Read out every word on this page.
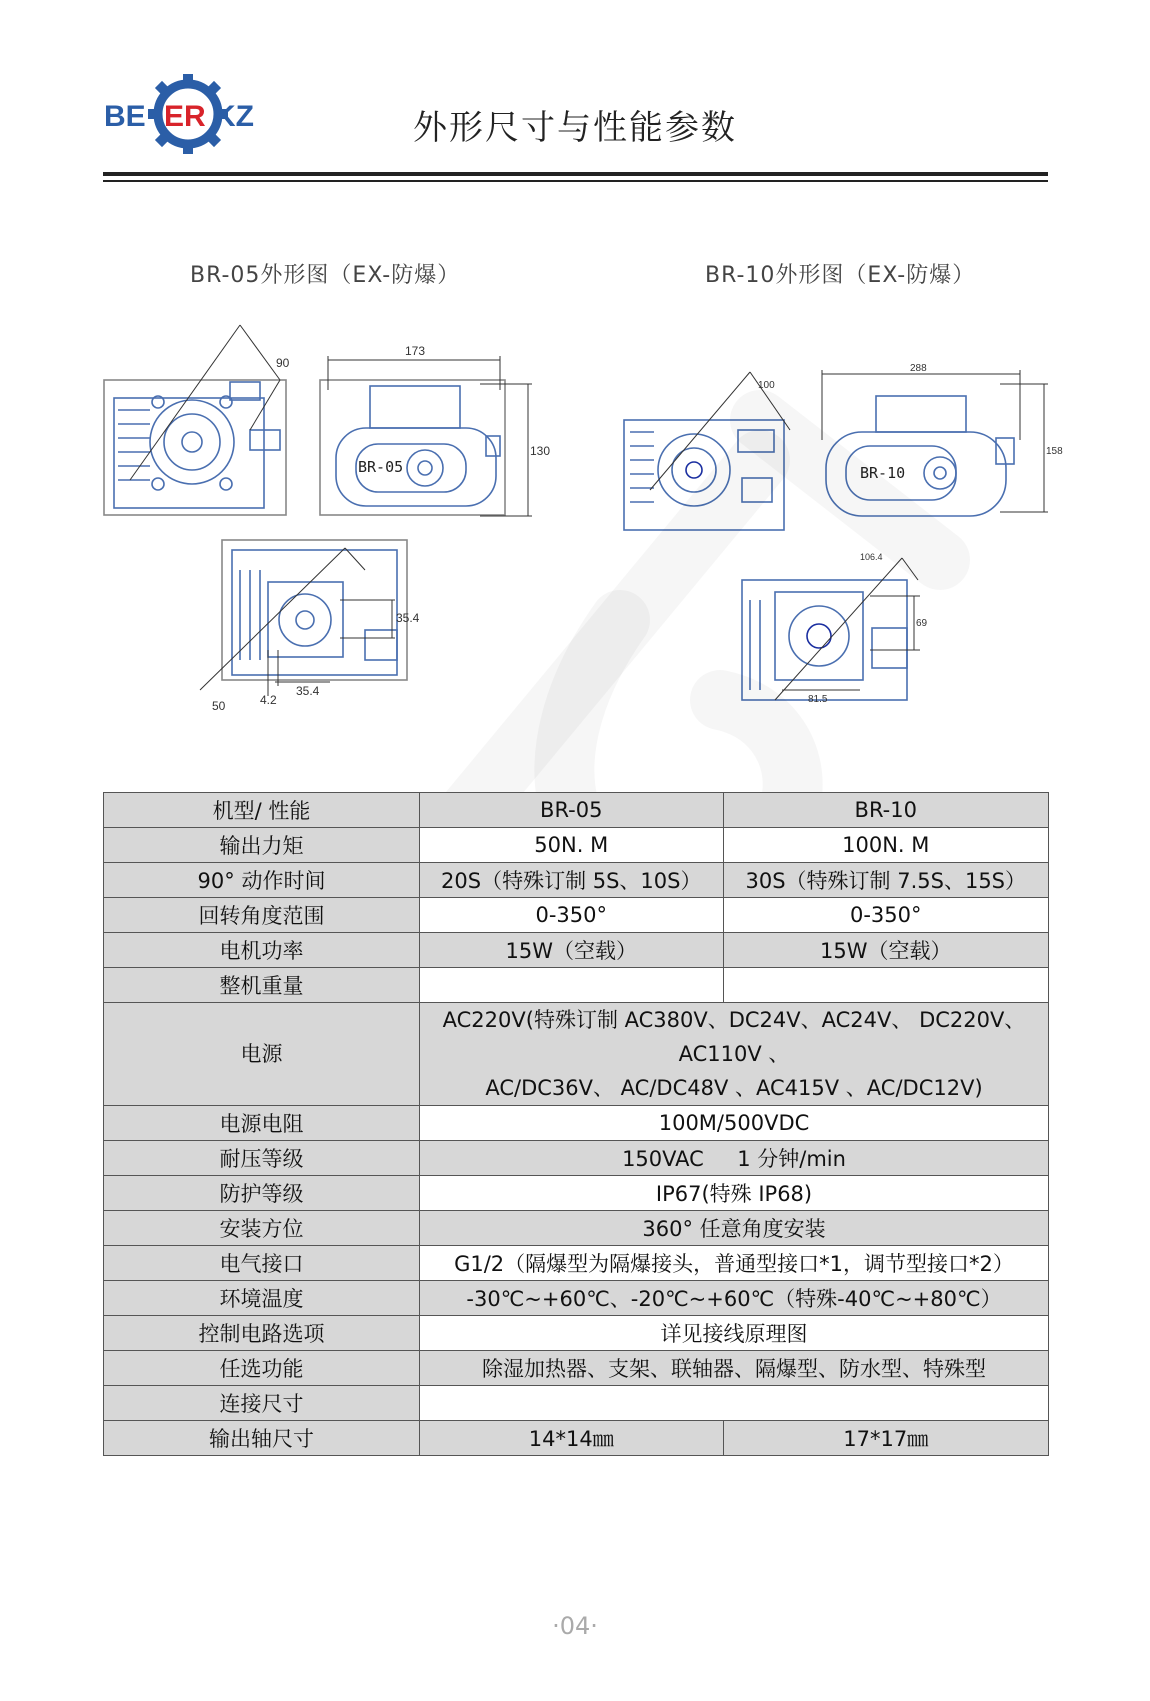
BE ER KZ	外形尺寸与性能参数
BR-05外形图（EX-防爆）	BR-10外形图（EX-防爆）
90
173
130
BR-05
35.4
35.4
4.2
50
100
288
158
BR-10
106.4
69
81.5
机型/ 性能	BR-05	BR-10
输出力矩	50N. M	100N. M
90° 动作时间	20S（特殊订制 5S、10S）	30S（特殊订制 7.5S、15S）
回转角度范围	0-350°	0-350°
电机功率	15W（空载）	15W（空载）
整机重量		
电源	AC220V(特殊订制 AC380V、DC24V、AC24V、 DC220V、 AC110V 、
AC/DC36V、 AC/DC48V 、AC415V 、AC/DC12V)	

电源电阻	100M/500VDC	
耐压等级	150VAC     1 分钟/min	
防护等级	IP67(特殊 IP68)	
安装方位	360° 任意角度安装	
电气接口	G1/2（隔爆型为隔爆接头，普通型接口*1，调节型接口*2）	
环境温度	-30℃~+60℃、-20℃~+60℃（特殊-40℃~+80℃）	
控制电路选项	详见接线原理图	
任选功能	除湿加热器、支架、联轴器、隔爆型、防水型、特殊型	
连接尺寸		
输出轴尺寸	14*14㎜	17*17㎜
·04·
